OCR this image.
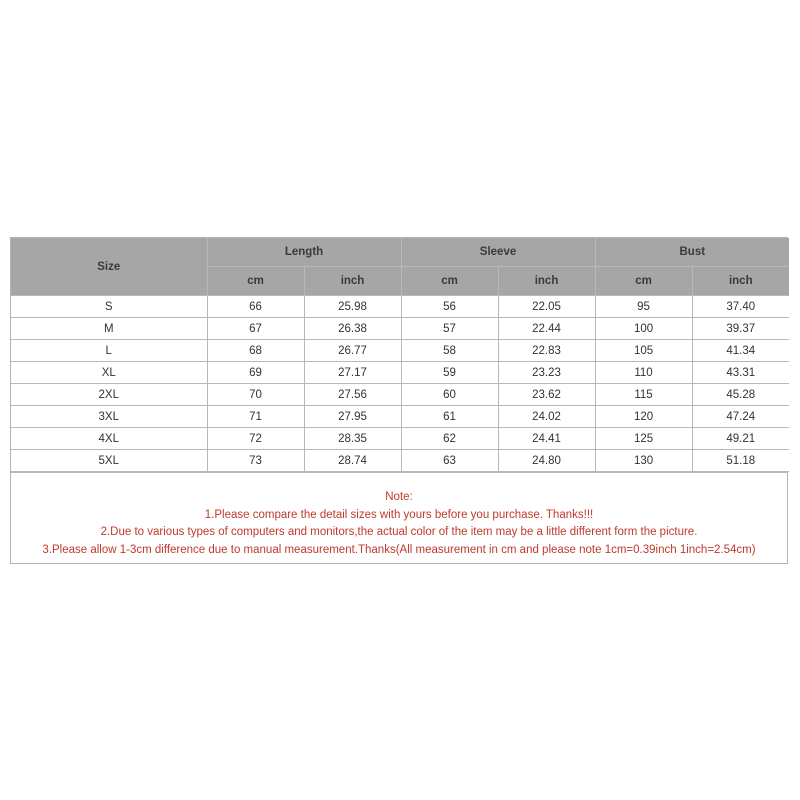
Size	Length		Sleeve		Bust	
	cm	inch	cm	inch	cm	inch
S	66	25.98	56	22.05	95	37.40
M	67	26.38	57	22.44	100	39.37
L	68	26.77	58	22.83	105	41.34
XL	69	27.17	59	23.23	110	43.31
2XL	70	27.56	60	23.62	115	45.28
3XL	71	27.95	61	24.02	120	47.24
4XL	72	28.35	62	24.41	125	49.21
5XL	73	28.74	63	24.80	130	51.18
Note:
1.Please compare the detail sizes with yours before you purchase. Thanks!!!
2.Due to various types of computers and monitors,the actual color of the item may be a little different form the picture.
3.Please allow 1-3cm difference due to manual measurement.Thanks(All measurement in cm and please note 1cm=0.39inch 1inch=2.54cm)
